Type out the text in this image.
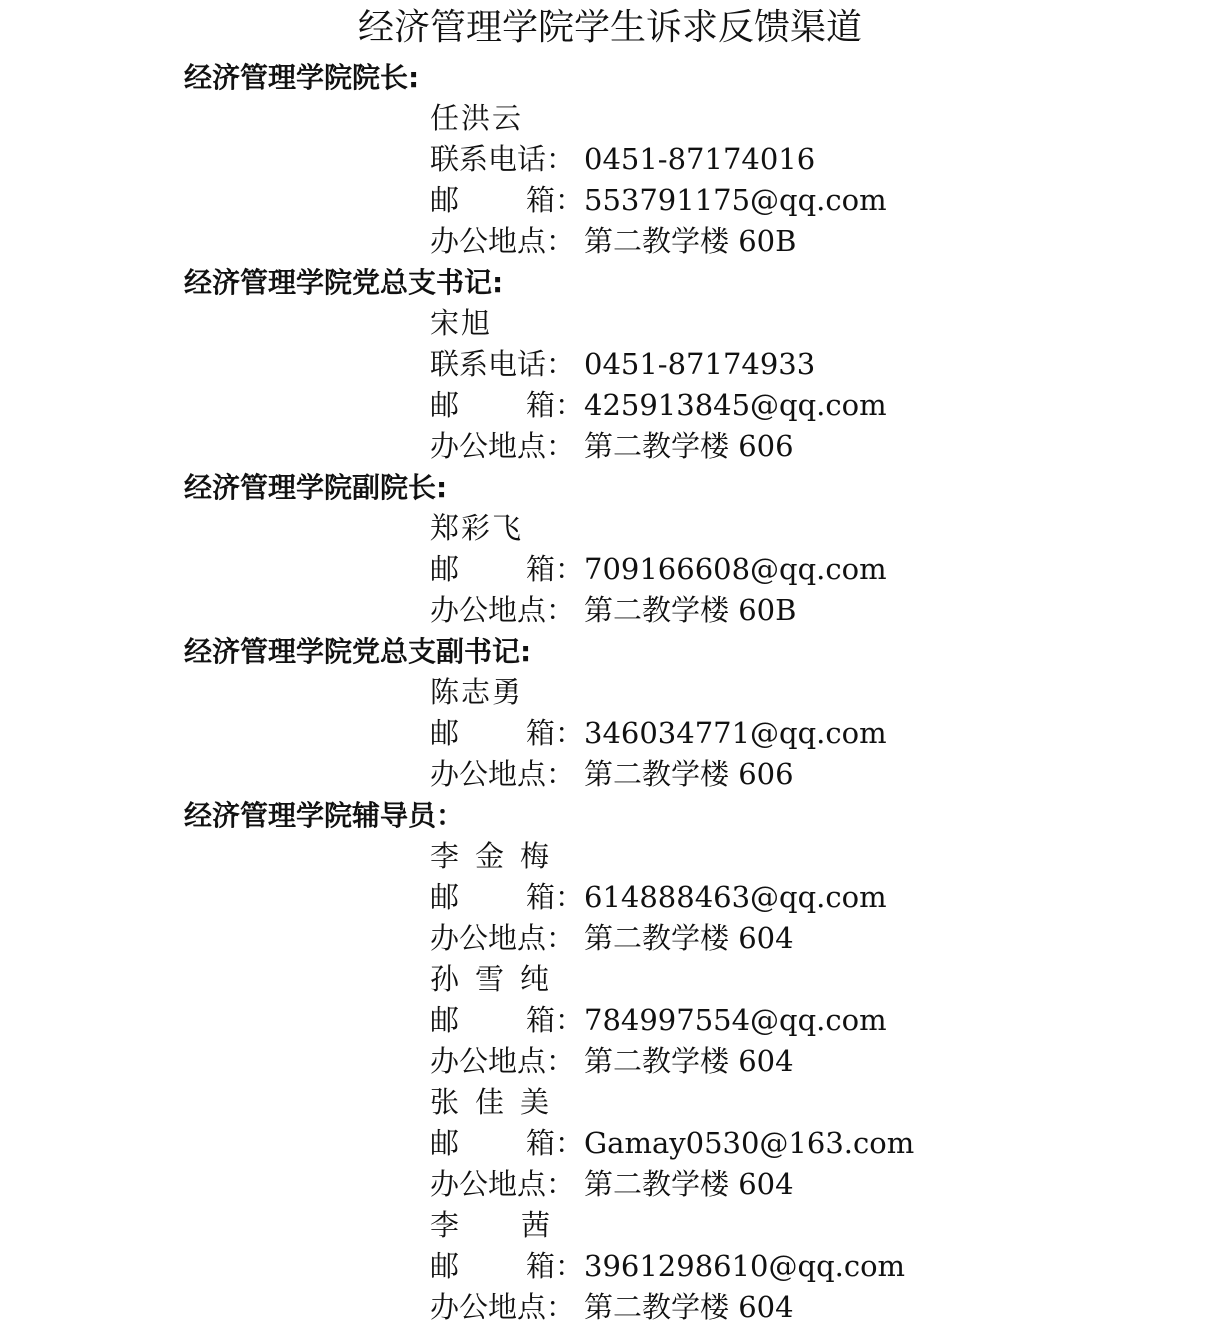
经济管理学院学生诉求反馈渠道
经济管理学院院长:
任洪云
联系电话： 0451-87174016
邮 箱： 553791175@qq.com
办公地点： 第二教学楼 60B
经济管理学院党总支书记:
宋旭
联系电话： 0451-87174933
邮 箱： 425913845@qq.com
办公地点： 第二教学楼 606
经济管理学院副院长:
郑彩飞
邮 箱： 709166608@qq.com
办公地点： 第二教学楼 60B
经济管理学院党总支副书记:
陈志勇
邮 箱： 346034771@qq.com
办公地点： 第二教学楼 606
经济管理学院辅导员：
李金梅
邮 箱： 614888463@qq.com
办公地点： 第二教学楼 604
孙雪纯
邮 箱： 784997554@qq.com
办公地点： 第二教学楼 604
张佳美
邮 箱： Gamay0530@163.com
办公地点： 第二教学楼 604
李茜
邮 箱： 3961298610@qq.com
办公地点： 第二教学楼 604
